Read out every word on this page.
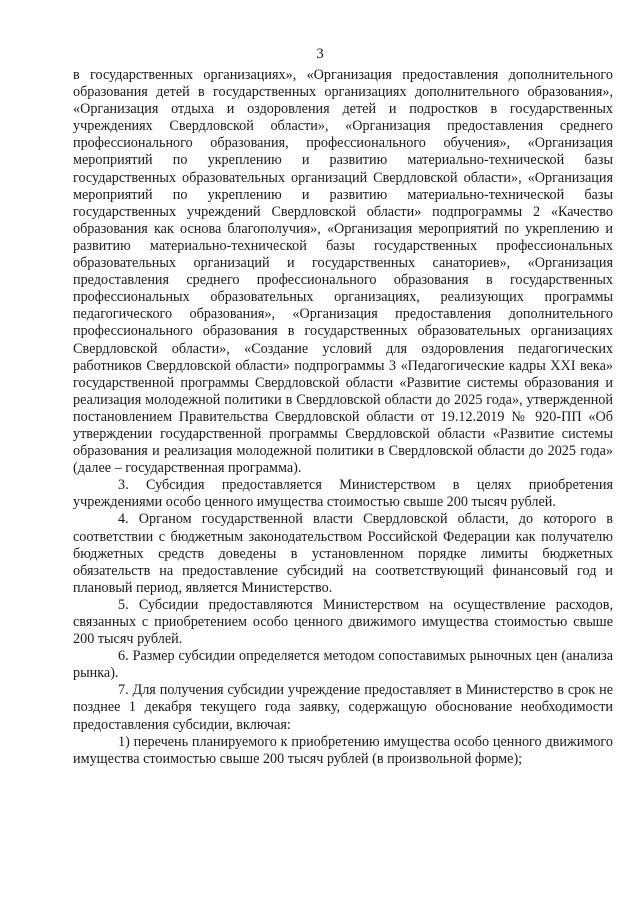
3

в государственных организациях», «Организация предоставления дополнительного образования детей в государственных организациях дополнительного образования», «Организация отдыха и оздоровления детей и подростков в государственных учреждениях Свердловской области», «Организация предоставления среднего профессионального образования, профессионального обучения», «Организация мероприятий по укреплению и развитию материально-технической базы государственных образовательных организаций Свердловской области», «Организация мероприятий по укреплению и развитию материально-технической базы государственных учреждений Свердловской области» подпрограммы 2 «Качество образования как основа благополучия», «Организация мероприятий по укреплению и развитию материально-технической базы государственных профессиональных образовательных организаций и государственных санаториев», «Организация предоставления среднего профессионального образования в государственных профессиональных образовательных организациях, реализующих программы педагогического образования», «Организация предоставления дополнительного профессионального образования в государственных образовательных организациях Свердловской области», «Создание условий для оздоровления педагогических работников Свердловской области» подпрограммы 3 «Педагогические кадры XXI века» государственной программы Свердловской области «Развитие системы образования и реализация молодежной политики в Свердловской области до 2025 года», утвержденной постановлением Правительства Свердловской области от 19.12.2019 № 920-ПП «Об утверждении государственной программы Свердловской области «Развитие системы образования и реализация молодежной политики в Свердловской области до 2025 года» (далее – государственная программа).

3. Субсидия предоставляется Министерством в целях приобретения учреждениями особо ценного имущества стоимостью свыше 200 тысяч рублей.

4. Органом государственной власти Свердловской области, до которого в соответствии с бюджетным законодательством Российской Федерации как получателю бюджетных средств доведены в установленном порядке лимиты бюджетных обязательств на предоставление субсидий на соответствующий финансовый год и плановый период, является Министерство.

5. Субсидии предоставляются Министерством на осуществление расходов, связанных с приобретением особо ценного движимого имущества стоимостью свыше 200 тысяч рублей.

6. Размер субсидии определяется методом сопоставимых рыночных цен (анализа рынка).

7. Для получения субсидии учреждение предоставляет в Министерство в срок не позднее 1 декабря текущего года заявку, содержащую обоснование необходимости предоставления субсидии, включая:

1) перечень планируемого к приобретению имущества особо ценного движимого имущества стоимостью свыше 200 тысяч рублей (в произвольной форме);
